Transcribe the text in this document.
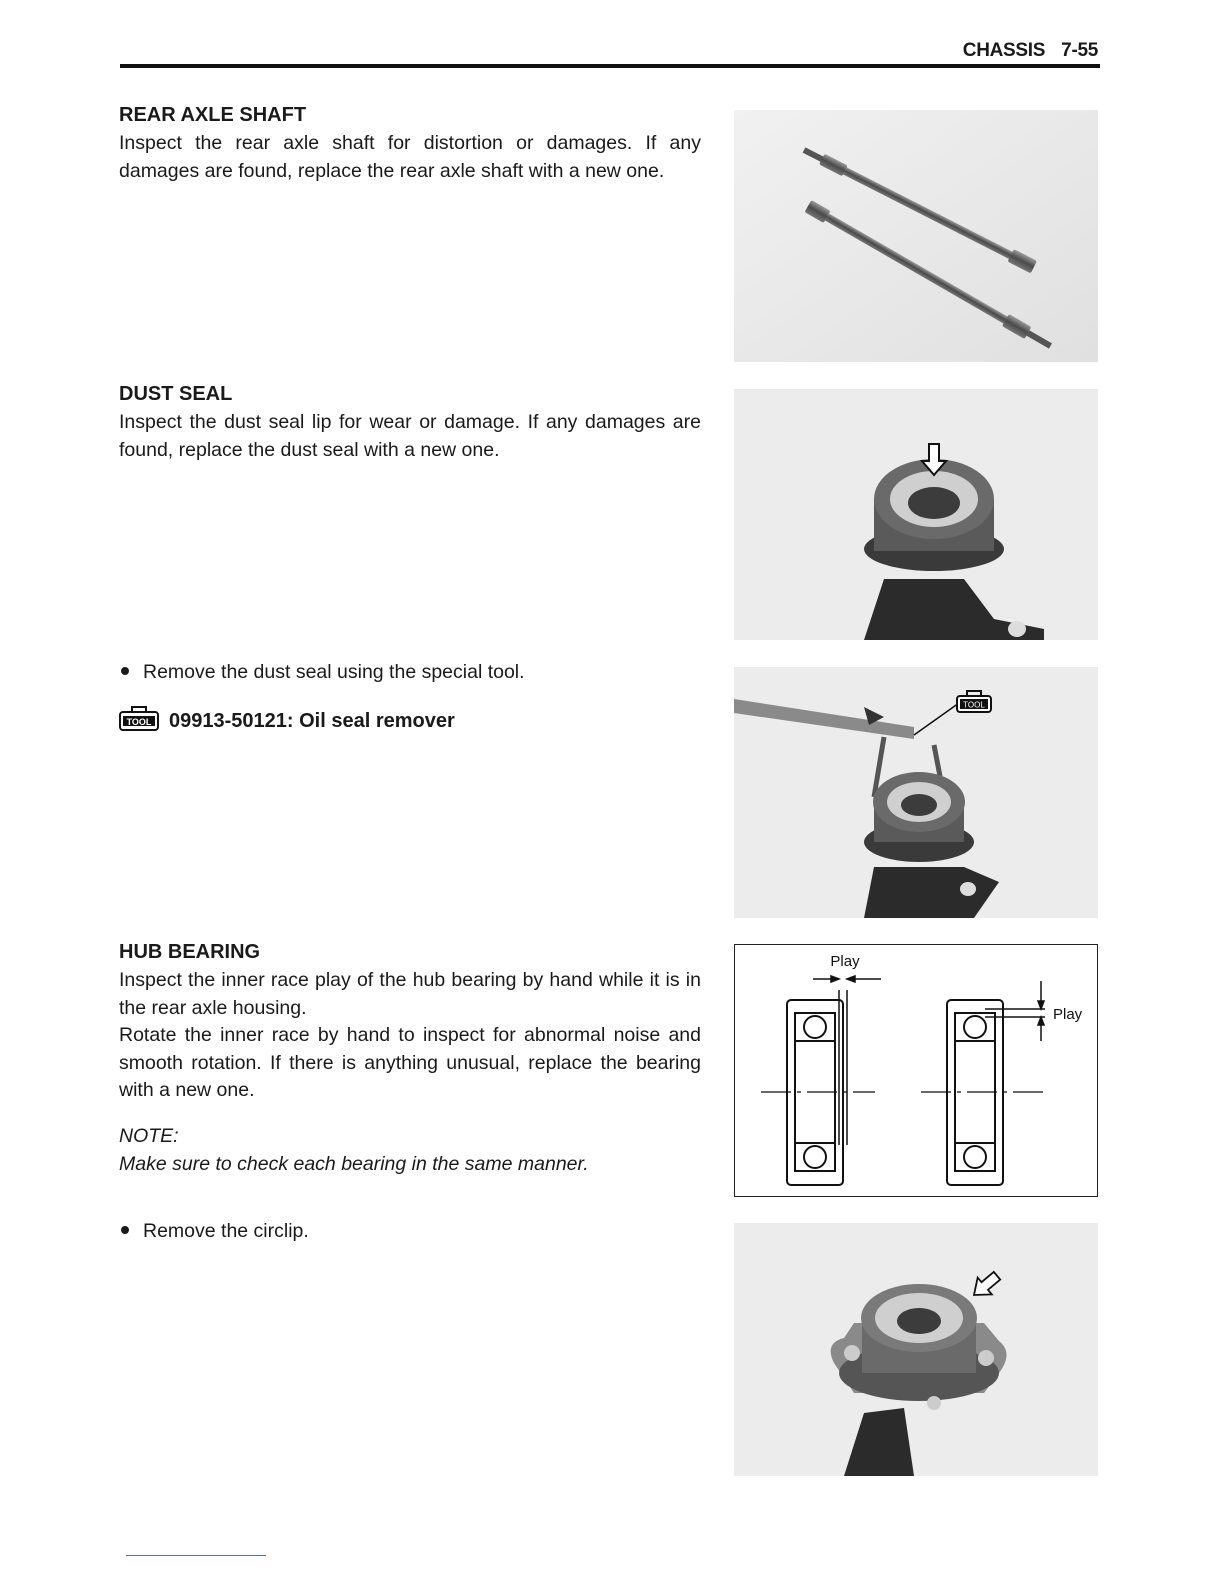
CHASSIS 7-55
REAR AXLE SHAFT
Inspect the rear axle shaft for distortion or damages. If any damages are found, replace the rear axle shaft with a new one.
DUST SEAL
Inspect the dust seal lip for wear or damage. If any damages are found, replace the dust seal with a new one.
Remove the dust seal using the special tool.
TOOL 09913-50121: Oil seal remover
TOOL
HUB BEARING
Inspect the inner race play of the hub bearing by hand while it is in the rear axle housing.
Rotate the inner race by hand to inspect for abnormal noise and smooth rotation. If there is anything unusual, replace the bearing with a new one.
NOTE:
Make sure to check each bearing in the same manner.
Play
Play
Remove the circlip.
